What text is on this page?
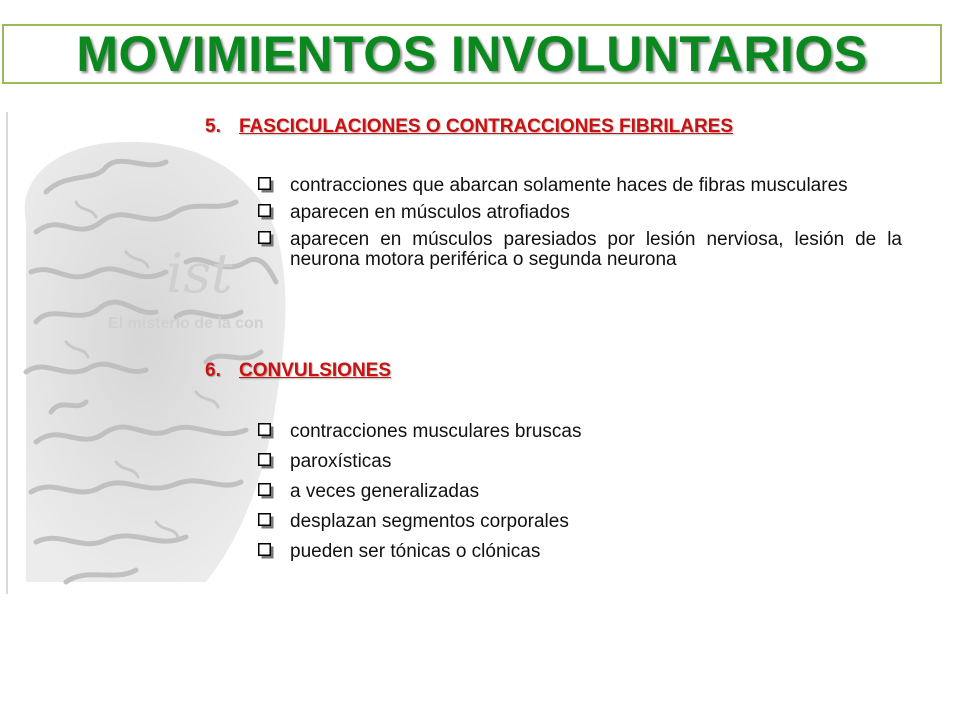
MOVIMIENTOS INVOLUNTARIOS
ist
El misterio de la con
5. FASCICULACIONES O CONTRACCIONES FIBRILARES
contracciones que abarcan solamente haces de fibras musculares
aparecen en músculos atrofiados
aparecen en músculos paresiados por lesión nerviosa, lesión de la neurona motora periférica o segunda neurona
6. CONVULSIONES
contracciones musculares bruscas
paroxísticas
a veces generalizadas
desplazan segmentos corporales
pueden ser tónicas o clónicas
